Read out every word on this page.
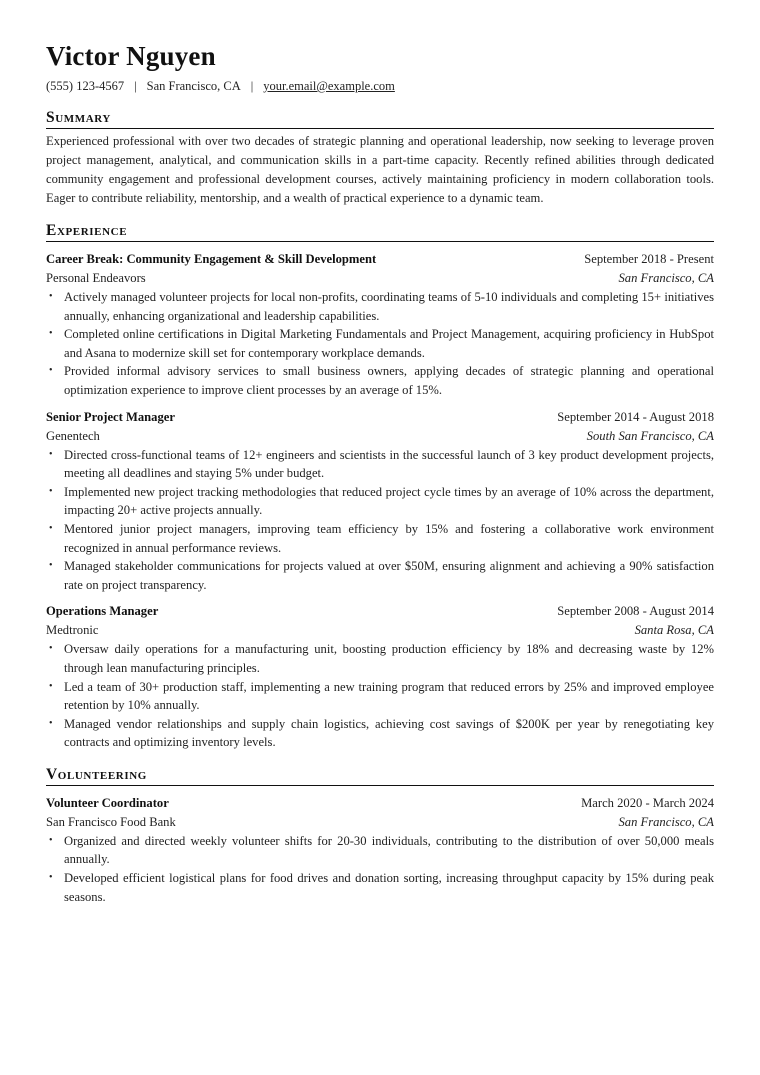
Victor Nguyen
(555) 123-4567 | San Francisco, CA | your.email@example.com
Summary

Experienced professional with over two decades of strategic planning and operational leadership, now seeking to leverage proven project management, analytical, and communication skills in a part-time capacity. Recently refined abilities through dedicated community engagement and professional development courses, actively maintaining proficiency in modern collaboration tools. Eager to contribute reliability, mentorship, and a wealth of practical experience to a dynamic team.

Experience
Career Break: Community Engagement & Skill Development	September 2018 - Present
Personal Endeavors	San Francisco, CA
• Actively managed volunteer projects for local non-profits, coordinating teams of 5-10 individuals and completing 15+ initiatives annually, enhancing organizational and leadership capabilities.
• Completed online certifications in Digital Marketing Fundamentals and Project Management, acquiring proficiency in HubSpot and Asana to modernize skill set for contemporary workplace demands.
• Provided informal advisory services to small business owners, applying decades of strategic planning and operational optimization experience to improve client processes by an average of 15%.
Senior Project Manager	September 2014 - August 2018
Genentech	South San Francisco, CA
• Directed cross-functional teams of 12+ engineers and scientists in the successful launch of 3 key product development projects, meeting all deadlines and staying 5% under budget.
• Implemented new project tracking methodologies that reduced project cycle times by an average of 10% across the department, impacting 20+ active projects annually.
• Mentored junior project managers, improving team efficiency by 15% and fostering a collaborative work environment recognized in annual performance reviews.
• Managed stakeholder communications for projects valued at over $50M, ensuring alignment and achieving a 90% satisfaction rate on project transparency.
Operations Manager	September 2008 - August 2014
Medtronic	Santa Rosa, CA
• Oversaw daily operations for a manufacturing unit, boosting production efficiency by 18% and decreasing waste by 12% through lean manufacturing principles.
• Led a team of 30+ production staff, implementing a new training program that reduced errors by 25% and improved employee retention by 10% annually.
• Managed vendor relationships and supply chain logistics, achieving cost savings of $200K per year by renegotiating key contracts and optimizing inventory levels.
Volunteering
Volunteer Coordinator	March 2020 - March 2024
San Francisco Food Bank	San Francisco, CA
• Organized and directed weekly volunteer shifts for 20-30 individuals, contributing to the distribution of over 50,000 meals annually.
• Developed efficient logistical plans for food drives and donation sorting, increasing throughput capacity by 15% during peak seasons.
